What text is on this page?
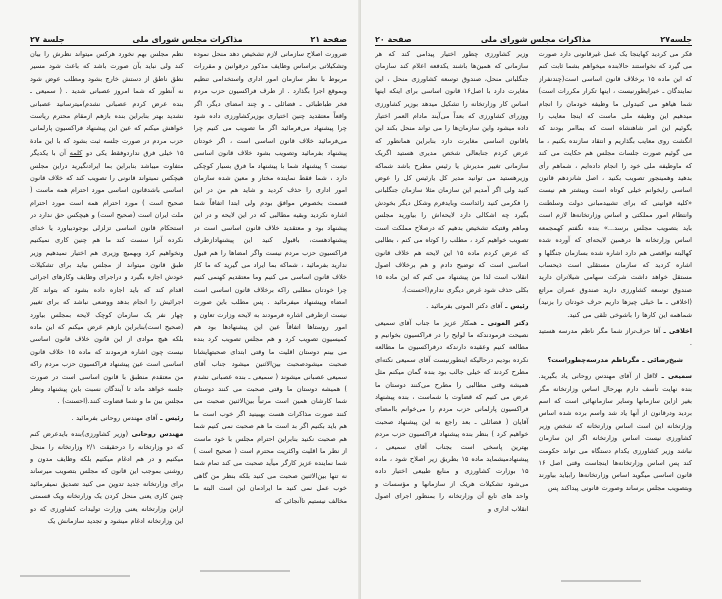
صفحة ۲۱
مذاکرات مجلس شورای ملی
جلسة ۲۷

ضرورت اصلاح سازمانی لازم تشخیص دهد منحل نموده وتشکیلاتی براساس وظایف مذکور درقوانین و مقررات مربوط با نظر سازمان امور اداری واستخدامی تنظیم وبموقع اجرا بگذارد . از طرف فراکسیون حزب مردم فخر طباطبائی ـ فضائلی ـ و چند امضای دیگر، اگر واقعاً معتقدید چنین اختیاری بوزیرکشاورزی داده شود چرا پیشنهاد می‌فرمائید اگر ما تصویب می کنیم چرا می‌فرمائید خلاف قانون اساسی است ، اگر خودتان پیشنهاد بفرمائید وتصویب بشود خلاف قانون اساسی نیست ؟ پیشنهاد شما با پیشنهاد ما فرق بسیار کوچکی دارد ، شما فقط نماینده مختار و معین شده سازمان امور اداری را حذف کردید و شاید هم من در این قسمت بخصوص موافق بودم ولی ابتدا اتفاقاً شما اشاره نکردید وبقیه مطالبی که در این لایحه و در این پیشنهاد بود و معتقدید خلاف قانون اساسی است در پیشنهادهست، باقبول کنید این پیشنهادازطرف فراکسیون حزب مردم نیست واگر امضاها را هم قبول ندارید بفرمائید ، شماکه بما ایراد می گیرید که ما کار خلاف قانون اساسی می کنیم وما معتقدیم کهنمی کنیم چرا خودتان مطلبی راکه برخلاف قانون اساسی است امضاء وپیشنهاد میفرمائید . پس مطلب باین صورت نیست ازطرفی اشاره فرمودند به لایحه وزارت تعاون و امور روستاها اتفاقاً عین این پیشنهادها بود هم کمیسیون تصویب کرد و هم مجلس تصویب کرد بنده می بینم دوستان اقلیت ما وقتی ابتدای صحبتهایشانا صحبت میشودصحبت بین‌الاثنین میشود جناب آقای سمیعی عصبانی میشوند ( سمیعی ـ بنده عصبانی نشدم ) همیشه دوستان ما وقتی صحبت می کنند دوستان شما کارشان همین است مرتباً بین‌الاثنین صحبت می کنند صورت مذاکرات هست بهبینید اگر خوب است ما هم باید بکنیم اگر بد است ما هم صحبت نمی کنیم شما هم صحبت نکنید بنابراین احترام مجلس با خود ماست از نظر ما اقلیت واکثریت محترم است ( صحیح است ) شما نماینده عزیز کارگر میآید صحبت می کند تمام شما نه تنها بین‌الاثنین صحبت می کنید بلکه بنظر من گاهی خوب عمل نمی کنید ما ایرادمان این است البته ما مخالف نیستیم تاآنجائی که

نظم مجلس بهم نخورد هرکس میتواند نظرش را بیان کند ولی نباید بآن صورت باشد که باعث شود مسیر نطق ناطق از دستش خارج بشود ومطلب عوض شود نه آنطور که شما امروز عصبانی شدید . ( سمیعی ـ بنده عرض کردم عصبانی نشدم)میترسانید عصبانی نشدید بهتر بنابراین بنده بازهم ازمقام محترم ریاست خواهش میکنم که عین این پیشنهاد فراکسیون پارلمانی حزب مردم در صورت جلسه ثبت بشود که با این مادة ۱۵ خیلی فرق نداردوفقط یکی دو کلمه آن با یکدیگر متفاوت میباشد بنابراین بما ایرادنگیرید دراین مجلس هیچکس نمیتواند قانونی را تصویب کند که خلاف قانون اساسی باشدقانون اساسی مورد احترام همه ماست ( صحیح است ) مورد احترام همه است مورد احترام ملت ایران است (صحیح است) و هیچکس حق ندارد در استحکام قانون اساسی تزلزلی بوجودبیاورد یا خدای نکرده آنرا سست کند ما هم چنین کاری نمیکنیم ونخواهیم کرد وبهمیچ وزیری هم اختیار نمیدهیم وزیر طبق قانون میتواند از مجلس بیاید برای تشکیلات خودش اجازه بگیرد و دراجرای وظایف وکارهای اجرائی اقدام کند که باید اجازه داده بشود که بتواند کار اجرائیش را انجام بدهد ووضعی نباشد که برای تغییر چهار نفر یک سازمان کوچک لایحه بمجلس بیاورد (صحیح است)بنابراین بازهم عرض میکنم که این ماده بلکه هیچ موادی از این قانون خلاف قانون اساسی نیست چون اشاره فرمودند که ماده ۱۵ خلاف قانون اساسی است عین پیشنهاد فراکسیون حزب مردم راکه من معتقدم منطبق با قانون اساسی است در صورت جلسه خواهد ماند تا آیندگان نسبت باین پیشنهاد ونظر مجلس بین ما و شما قضاوت کنند.(احسنت) .

رئیس ـ آقای مهندس روحانی بفرمائید .

مهندس روحانی (وزیر کشاورزی)بنده بایدعرض کنم که دو وزارتخانه را درحقیقت ۲/۱ وزارتخانه را منحل میکنیم و در هم ادغام میکنیم بلکه وظایف مدون و روشنی بموجب این قانون که مجلس بتصویب میرساند برای وزارتخانه جدید تدوین می کنید تصدیق نمیفرمائید چنین کاری یعنی منحل کردن یک وزارتخانه ویک قسمتی ازاین وزارتخانه یعنی وزارت تولیدات کشاورزی که دو این وزارتخانه ادغام میشود و تجدید سازمانش یک

جلسه۲۷
مذاکرات مجلس شورای ملی
صفحة ۲۰

فکر می کردید کهاینجا یک عمل غیرقانونی دارد صورت می گیرد که نخواستند حالابنده میخواهم بشما ثابت کنم که این ماده ۱۵ برخلاف قانون اساسی است(چندنفراز نمایندگان ـ خیرایطورنیست ، اینها تکرار مکررات است) شما هیاهو می کنیدولی ما وظیفه خودمان را انجام میدهیم این وظیفه ملی ماست که اینجا معایب را بگوئیم این امر شاهنشاه است که بماامر بودند که انگشت روی معایب بگذاریم و انتقاد سازنده بکنیم ، ما می گوئیم صورت جلسات مجلس هم حکایت می کند که ماوظیفه ملی خود را انجام داده‌ایم ، شماهم رأی بدهید وهمینجور تصویب بکنید ، اصل شانزدهم قانون اساسی رابخوانم خیلی کوتاه است وبیشتر هم نیست «کلیه قوانینی که برای تشییدمبانی دولت وسلطنت وانتظام امور مملکتی و اساس وزارتخانه‌ها لازم است باید بتصویب مجلس برسد...» بنده نگفتم کهمجمعه اساس وزارتخانه ها درهمین لایحه‌ای که آورده شده کهالبته نواقصی هم دارد اشاره شده بسازمان جنگلها و اشاره کردید که سازمان مستقلی است ذیحساب مستقل خواهد داشت شرکت سهامی شیلاتران دارید صندوق توسعه کشاورزی دارید صندوق عمران مراتع (اخلاقی ـ ما خیلی چیزها داریم حرف خودتان را بزنید) شماهمه این کارها را باشوخی تلقی می کنید.

اخلاقی ـ آقا حرف‌تراز شما مگر ناظم مدرسه هستید .

شیخ‌رضائی ـ مگرناظم مدرسه‌چطوراست؟

سمیعی ـ لااقل از آقای مهندس روحانی یاد بگیرید. بنده نهایت تأسف دارم بهرحال اساس وزارتخانه مگر بغیر ازاین سازمانها وسایر سازمانهائی است که اسم بردید ودرقانون از آنها یاد شد واسم برده شده اساس وزارتخانه این است اساس وزارتخانه که شخص وزیر کشاورزی نیست اساس وزارتخانه اگر این سازمان نباشد وزیر کشاورزی یکدام دستگاه می تواند حکومت کند پس اساس وزارتخانه‌ها اینجاست وقتی اصل ۱۶ قانون اساسی میگوید اساس وزارتخانه‌ها رابیاید بیاورند وبتصویب مجلس برساند وصورت قانونی پیداکند پس

وزیر کشاورزی چطور اختیار پیدامی کند که هر سازمانی که همین‌ها باشند یکدفعه اعلام کند سازمان جنگلبانی منحل، صندوق توسعه کشاورزی منحل ، این مغایرت دارد با اصل۱۶ قانون اساسی برای اینکه اینها اساس کار وزارتخانه را تشکیل میدهد بوزیر کشاورزی ووزرای کشاورزی که بعداً می‌آیند مادام العمر اختیار داده میشود واین سازمان‌ها را می تواند منحل بکند این باقانون اساسی مغایرت دارد بنابراین همانطور که عرض کردم جنابعالی شخص مدیری هستید اگریک سازمانی تغییر مدیرش یا رئیس مطرح باشد شماکه وزیرهستید می توانید مدیر کل یارئیس کل را عوض کنید ولی اگر آمدیم این سازمان مثلا سازمان جنگلبانی را فکرمی کنید زائداست وبایدفرم وشکل دیگر بخودش بگیرد چه اشکالی دارد لایحه‌اش را بیاورید مجلس وماهم وقتیکه تشخیص بدهیم که درصلاح مملکت است تصویب خواهیم کرد ، مطلب را کوتاه می کنم ، بطالبی که عرض کردم ماده ۱۵ این لایحه هم خلاف قانون اساسی است که توضیح دادم و هم برخلاف اصول انقلاب است لذا من پیشنهاد می کنم که این ماده ۱۵ بکلی حذف شود غرض دیگری ندارم(احسنت).

رئیس ـ آقای دکتر الموتی بفرمائید .

دکتر الموتی ـ همکار عزیز ما جناب آقای سمیعی نصیحت فرمودندکه ما لوایح را در فراکسیون بخوانیم و مطالعه کنیم وعقیده دارندکه درفراکسیون ما مطالعه نکرده بودیم درحالیکه اینطورنیست آقای سمیعی نکته‌ای مطرح کردند که خیلی جالب بود بنده گمان میکنم مثل همیشه وقتی مطالبی را مطرح می‌کنند دوستان ما عرض می کنیم که قضاوت با شماست ، بنده پیشنهاد فراکسیون پارلمانی حزب مردم را می‌خوانم باامضای آقایان ( فضائلی ـ بعد راجع به این پیشنهاد صحبت خواهیم کرد ) بنظر بنده پیشنهاد فراکسیون حزب مردم بهترین پاسخی است بجناب آقای سمیعی ، پیشنهادمیشماید ماده ۱۵ بطریق زیر اصلاح شود ، ماده ۱۵ بوزارت کشاورزی و منابع طبیعی اختیار داده می‌شود تشکیلات هریک از سازمانها و مؤسسات و واحد های تابع آن وزارتخانه را بمنظور اجرای اصول انقلاب اداری و
